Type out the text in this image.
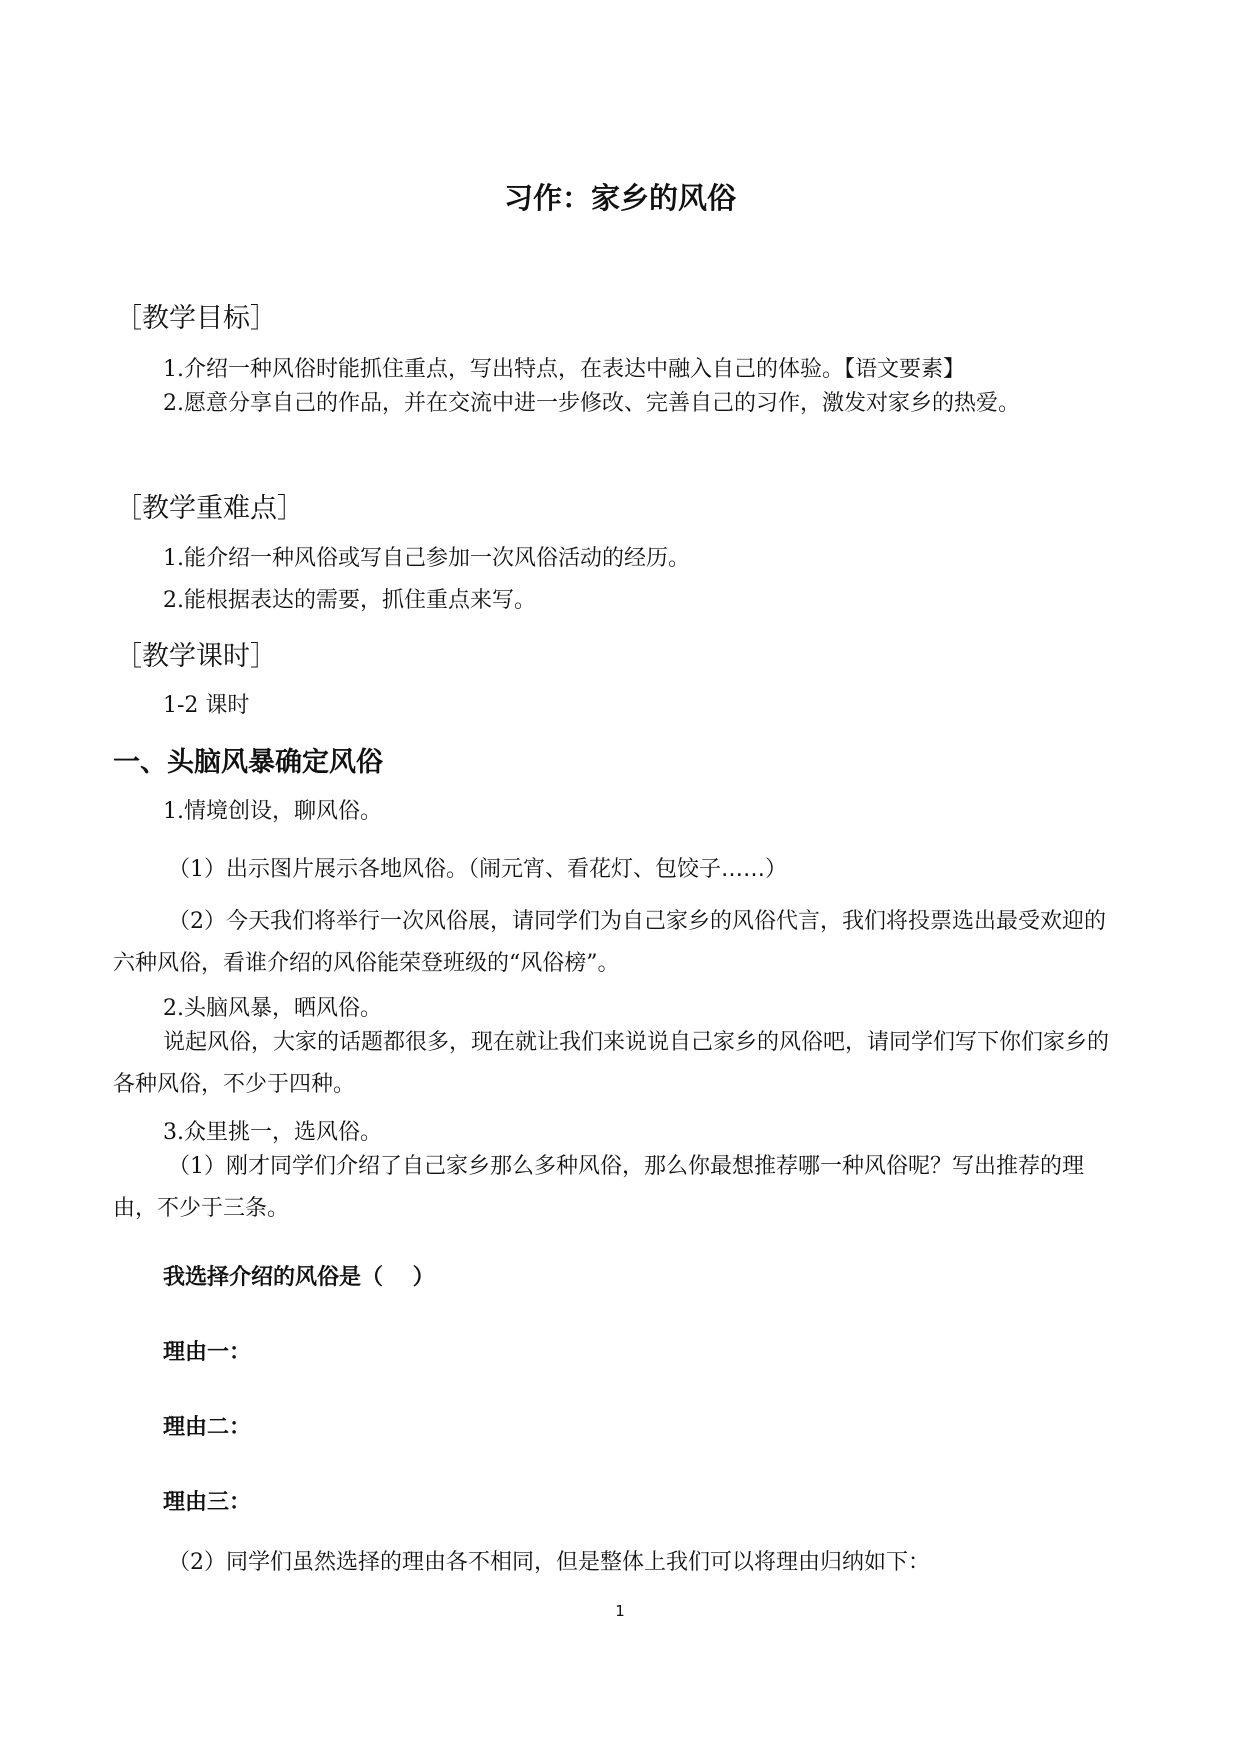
习作：家乡的风俗
［教学目标］
1.介绍一种风俗时能抓住重点，写出特点，在表达中融入自己的体验。【语文要素】
2.愿意分享自己的作品，并在交流中进一步修改、完善自己的习作，激发对家乡的热爱。
［教学重难点］
1.能介绍一种风俗或写自己参加一次风俗活动的经历。
2.能根据表达的需要，抓住重点来写。
［教学课时］
1-2 课时
一、头脑风暴确定风俗
1.情境创设，聊风俗。
（1）出示图片展示各地风俗。（闹元宵、看花灯、包饺子……）
（2）今天我们将举行一次风俗展，请同学们为自己家乡的风俗代言，我们将投票选出最受欢迎的六种风俗，看谁介绍的风俗能荣登班级的“风俗榜”。
2.头脑风暴，晒风俗。
说起风俗，大家的话题都很多，现在就让我们来说说自己家乡的风俗吧，请同学们写下你们家乡的各种风俗，不少于四种。
3.众里挑一，选风俗。
（1）刚才同学们介绍了自己家乡那么多种风俗，那么你最想推荐哪一种风俗呢？写出推荐的理由，不少于三条。
我选择介绍的风俗是（　 ）
理由一：
理由二：
理由三：
（2）同学们虽然选择的理由各不相同，但是整体上我们可以将理由归纳如下：
1
